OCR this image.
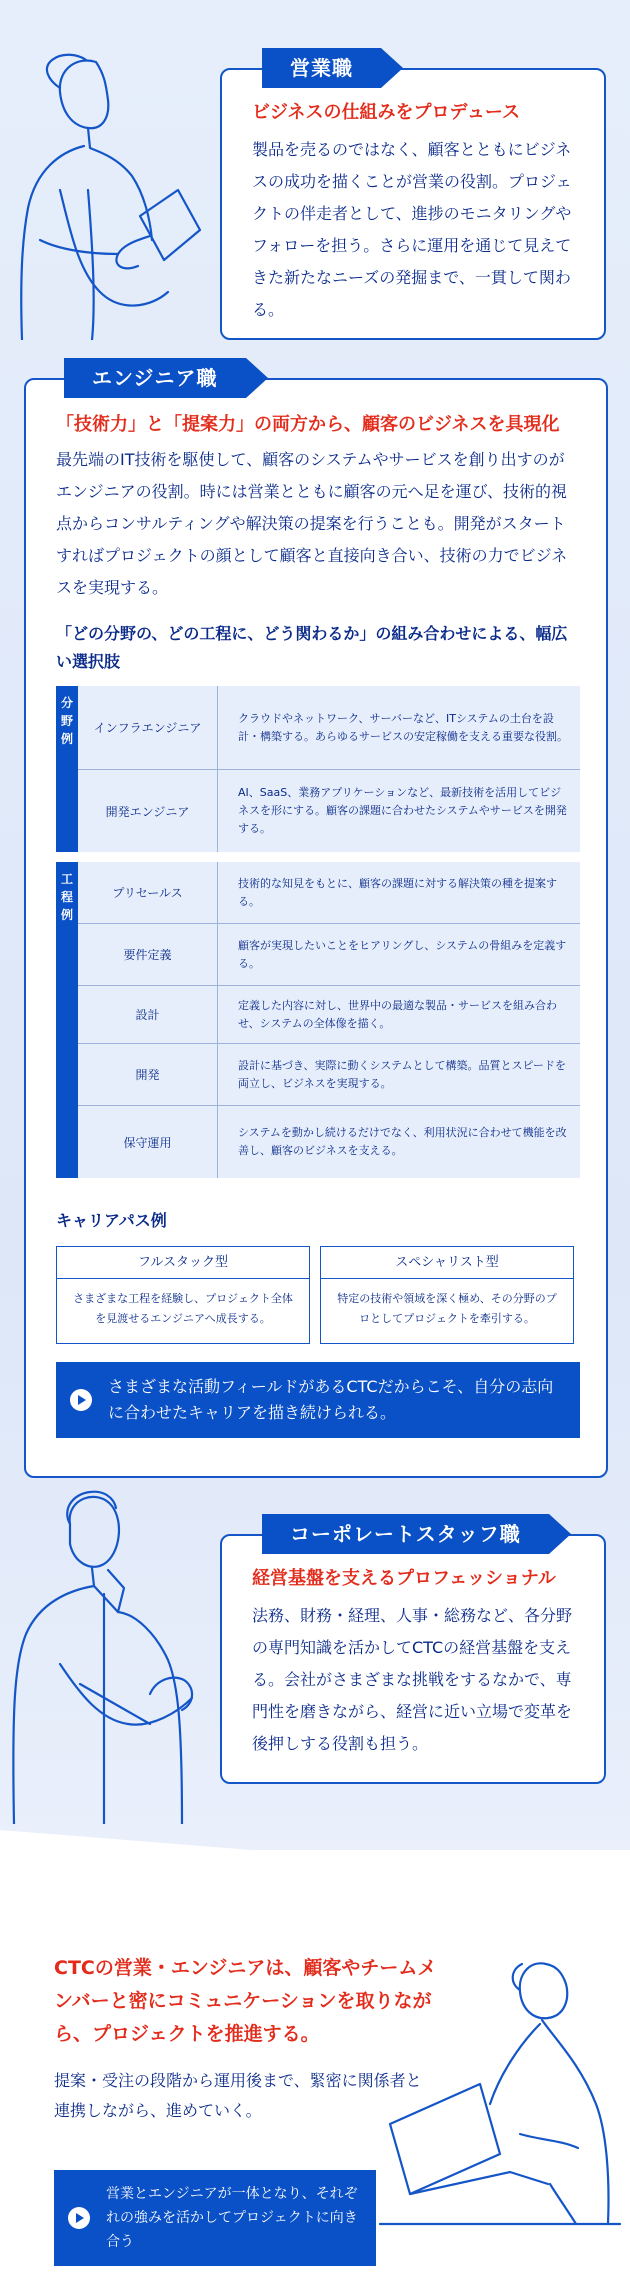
ビジネスの仕組みをプロデュース
製品を売るのではなく、顧客とともにビジネスの成功を描くことが営業の役割。プロジェクトの伴走者として、進捗のモニタリングやフォローを担う。さらに運用を通じて見えてきた新たなニーズの発掘まで、一貫して関わる。
営業職
「技術力」と「提案力」の両方から、顧客のビジネスを具現化
最先端のIT技術を駆使して、顧客のシステムやサービスを創り出すのがエンジニアの役割。時には営業とともに顧客の元へ足を運び、技術的視点からコンサルティングや解決策の提案を行うことも。開発がスタートすればプロジェクトの顔として顧客と直接向き合い、技術の力でビジネスを実現する。
「どの分野の、どの工程に、どう関わるか」の組み合わせによる、幅広い選択肢
分野例
インフラエンジニア
クラウドやネットワーク、サーバーなど、ITシステムの土台を設計・構築する。あらゆるサービスの安定稼働を支える重要な役割。
開発エンジニア
AI、SaaS、業務アプリケーションなど、最新技術を活用してビジネスを形にする。顧客の課題に合わせたシステムやサービスを開発する。
工程例
プリセールス
技術的な知見をもとに、顧客の課題に対する解決策の種を提案する。
要件定義
顧客が実現したいことをヒアリングし、システムの骨組みを定義する。
設計
定義した内容に対し、世界中の最適な製品・サービスを組み合わせ、システムの全体像を描く。
開発
設計に基づき、実際に動くシステムとして構築。品質とスピードを両立し、ビジネスを実現する。
保守運用
システムを動かし続けるだけでなく、利用状況に合わせて機能を改善し、顧客のビジネスを支える。
キャリアパス例
フルスタック型
さまざまな工程を経験し、プロジェクト全体を見渡せるエンジニアへ成長する。
スペシャリスト型
特定の技術や領域を深く極め、その分野のプロとしてプロジェクトを牽引する。
さまざまな活動フィールドがあるCTCだからこそ、自分の志向に合わせたキャリアを描き続けられる。
エンジニア職
経営基盤を支えるプロフェッショナル
法務、財務・経理、人事・総務など、各分野の専門知識を活かしてCTCの経営基盤を支える。会社がさまざまな挑戦をするなかで、専門性を磨きながら、経営に近い立場で変革を後押しする役割も担う。
コーポレートスタッフ職
CTCの営業・エンジニアは、顧客やチームメンバーと密にコミュニケーションを取りながら、プロジェクトを推進する。
提案・受注の段階から運用後まで、緊密に関係者と連携しながら、進めていく。
営業とエンジニアが一体となり、それぞれの強みを活かしてプロジェクトに向き合う
